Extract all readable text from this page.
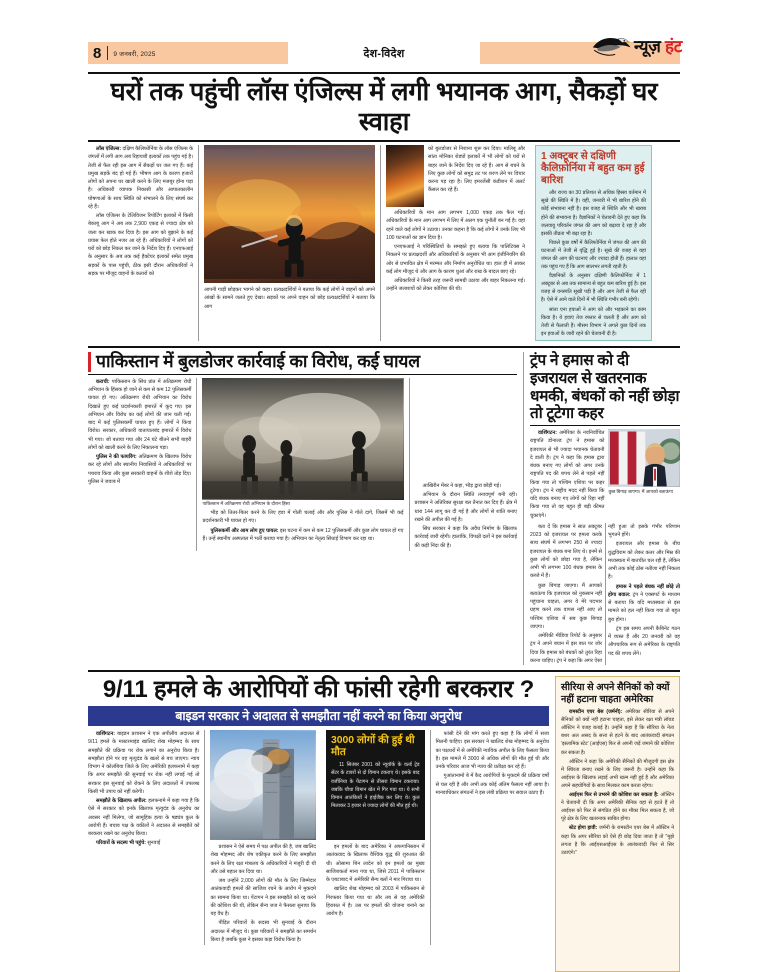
8	9 जनवरी, 2025	देश-विदेश	न्यूज़ हंट
घरों तक पहुंची लॉस एंजिल्स में लगी भयानक आग, सैकड़ों घर स्वाहा

लॉस एंजिल्स: दक्षिण कैलिफोर्निया के लॉस एंजिल्स के जंगलों में लगी आग अब रिहायशी इलाकों तक पहुंच गई है। तेजी से फैल रही इस आग में सैकड़ों घर जल गए हैं। कई प्रमुख सड़कें बंद हो गई हैं। भीषण आग के कारण हजारों लोगों को अपना घर खाली करने के लिए मजबूर होना पड़ा है। अधिकारी व्यापक निकासी और आपातकालीन घोषणाओं के साथ स्थिति को संभालने के लिए संघर्ष कर रहे हैं।

लॉस एंजिल्स के टेलिविजन रिपोर्टिंग इलाकों में किसी बेकाबू आग ने अब तक 2,900 एकड़ से ज्यादा क्षेत्र को जला कर खाक कर दिया है। इस आग को बुझाने के कई प्रयास फेल होते नजर आ रहे हैं। अधिकारियों ने लोगों को घरों को छोड़ निकल कर जाने के निर्देश दिए हैं। एनएफआई के अनुसार के अब तक कई हैक्टेयर इलाकों समेत प्रमुख सड़कों के पास पहुंची, ठीक इसी दौरान अधिकारियों ने सड़क पर मौजूद वाहनों के कतारों को

आपनी गाड़ी छोड़कर भागने को कहा। प्रत्यक्षदर्शियों ने बताया कि कई लोगों ने वाहनों को अपने आंखों के सामने जलते हुए देखा। सड़कों पर अपने वाहन को छोड़ प्रत्यक्षदर्शियों ने बताया कि आग
को बुलडोजर से निशाना शुरू कर दिया। मालिबू और सांता मोनिका शेड्यों इलाकों में भी लोगों को घरों से बाहर जाने के निर्देश दिए जा रहे हैं। आग से बचने के लिए कुछ लोगों को समुद्र तट पर शरण लेने पर विचार करना पड़ रहा है। लिए इमरजेंसी कंडीशन में अलर्ट कैंसल कर रहे हैं।

अधिकारियों के मान आग लगभग 1,000 एकड़ तक फैल गई। अधिकारियों के मान आग लगभग में लिए में अलग एक चुनौती बन गई है। वहां रहने वाले कई लोगों ने उठाया। उनका कहना है कि कई लोगों ने उनके लिए भी 100 घटनाओं का ज्ञान दिया है।

एनएफआई ने परिस्थितियों के समझते हुए बताया कि पालिटिक्स ने निकलने पर प्रत्यक्षदर्शी और अधिकारियों के अनुसार भी आग इंजीनियरिंग की ओर से प्रभावित क्षेत्र में मरम्मत और निर्माण अनुरोधित था। हाल ही में आकर कई लोग मौजूद थे और आग के कारण धुआं और राख के बादल छाए रहे।

अधिकारियों ने किसी तरह जरूरी सामग्री उठाया और बाहर निकलना गई। उन्होंने जलाशयों को लेकर कोशिश की थी।

1 अक्टूबर से दक्षिणी कैलिफ़ोर्निया में बहुत कम हुई बारिश

और राज्य का 30 प्रतिशत से अधिक हिस्सा वर्तमान में सूखे की स्थिति में है। वहीं, जनवरी में भी बारिश होने की कोई संभावना नहीं है। इस वजह से स्थिति और भी खराब होने की संभावना है। वैज्ञानिकों ने चेतावनी देते हुए कहा कि जलवायु परिवर्तन जंगल की आग को बढ़ावा दे रहा है और इसकी तीव्रता भी बढ़ा रहा है।

पिछले कुछ वर्षों में कैलिफोर्निया में जंगल की आग की घटनाओं में तेजी से वृद्धि हुई है। सूखे की वजह से यहां जंगल की आग की घटनाएं और ज्यादा होती हैं। हालात यहां तक पहुंच गए हैं कि आग सालभर लगती रहती है।

वैज्ञानिकों के अनुसार दक्षिणी कैलिफोर्निया में 1 अक्टूबर से अब तक सामान्य से बहुत कम बारिश हुई है। इस वजह से वनस्पति सूखी पड़ी है और आग तेजी से फैल रही है। ऐसे में आने वाले दिनों में भी स्थिति गंभीर बनी रहेगी।

सांता एना हवाओं ने आग को और भड़काने का काम किया है। ये हवाएं तेज रफ्तार से चलती हैं और आग को तेजी से फैलाती हैं। मौसम विभाग ने अगले कुछ दिनों तक इन हवाओं के जारी रहने की चेतावनी दी है।

पाकिस्तान में बुलडोजर कार्रवाई का विरोध, कई घायल

कराची: पाकिस्तान के सिंध प्रांत में अतिक्रमण रोधी अभियान के हिंसक हो जाने से कम से कम 12 पुलिसकर्मी घायल हो गए। अतिक्रमण रोधी अभियान का विरोध दिखाते हुए कई प्रदर्शनकारी इमारतें में कूद गए। इस अभियान और विरोध का कई लोगों की जान चली गई। बाद में कई पुलिसकर्मी घायल हुए हैं। लोगों ने किया विरोध। सरकार, अधिकारी यातायातबंद इमारतें में विरोध भी गया। जो बताया गया और 24 घंटे बीतने सभी बाहरी लोगों को खाली करने के लिए निकालना पड़ा।

पुलिस ने की फायरिंग: अतिक्रमण के खिलाफ विरोध कर रहे लोगों और स्थानीय निवासियों ने अधिकारियों पर पथराव किया और कुछ सरकारी वाहनों के शीशे तोड़ दिए। पुलिस ने जवाब में

पाकिस्तान में अतिक्रमण रोधी अभियान के दौरान हिंसा

भीड़ को तितर-बितर करने के लिए हवा में गोली चलाई और और पुलिस ने गोले दागे, जिसमें भी कई प्रदर्शनकारी भी घायल हो गए।

पुलिसकर्मी और आम लोग हुए घायल: इस घटना में कम से कम 12 पुलिसकर्मी और कुछ लोग घायल हो गए हैं। उन्हें स्थानीय अस्पताल में भर्ती कराया गया है। अभियान का नेतृत्व सिंधाई विभाग कर रहा था।

आखिरीन मेंबर ने कहा, भीड़ द्वारा छोड़ी गई।

अभियान के दौरान स्थिति तनावपूर्ण बनी रही। प्रशासन ने अतिरिक्त सुरक्षा बल तैनात कर दिए हैं। क्षेत्र में धारा 144 लागू कर दी गई है और लोगों से शांति बनाए रखने की अपील की गई है।

सिंध सरकार ने कहा कि अवैध निर्माण के खिलाफ कार्रवाई जारी रहेगी। हालांकि, विपक्षी दलों ने इस कार्रवाई की कड़ी निंदा की है।

ट्रंप ने हमास को दी इजरायल से खतरनाक धमकी, बंधकों को नहीं छोड़ा तो टूटेगा कहर

वाशिंगटन: अमेरिका के नवनिर्वाचित राष्ट्रपति डोनाल्ड ट्रंप ने हमास को इजरायल से भी ज्यादा भयानक चेतावनी दे डाली है। ट्रंप ने कहा कि हमास द्वारा बंधक बनाए गए लोगों को अगर उनके राष्ट्रपति पद की शपथ लेने से पहले नहीं किया गया तो पश्चिम एशिया पर कहर टूटेगा। ट्रंप ने राष्ट्रीय मदद नहीं किया कि यदि बंधक बनाए गए लोगों को रिहा नहीं किया गया तो वह बहुत ही बड़ी कीमत चुकाएंगे।

कुछ बिगाड़ जाएगा। मैं आपको बताऊंगा

बता दें कि हमास ने सात अक्टूबर 2023 को इजरायल पर हमला करके साथ संघर्ष में लगभग 250 से ज्यादा इजरायल के बंधक बना लिए थे। इनमें से कुछ लोगों को छोड़ा गया है, लेकिन अभी भी लगभग 100 बंधक हमास के कब्जे में हैं।

कुछ बिगाड़ जाएगा। मैं आपको बताऊंगा कि इजरायल को नुकसान नहीं पहुंचाना चाहता, अगर ये मेरे पदभार ग्रहण करने तक वापस नहीं आए तो पश्चिम एशिया में सब कुछ बिगाड़ जाएगा।

अमेरिकी मीडिया रिपोर्ट के अनुसार ट्रंप ने अपने बयान में इस बात पर जोर दिया कि हमास को बंधकों को तुरंत रिहा करना चाहिए। ट्रंप ने कहा कि अगर ऐसा नहीं हुआ तो इसके गंभीर परिणाम भुगतने होंगे।

इजरायल और हमास के बीच युद्धविराम को लेकर कतर और मिस्र की मध्यस्थता में बातचीत चल रही है, लेकिन अभी तक कोई ठोस नतीजा नहीं निकला है।

हमास ने पहले बंधक नहीं छोड़े तो होगा बवाल: ट्रंप ने एक्सपर्ट के माध्यम से बताया कि यदि मध्यस्थता से इस मामले को हल नहीं किया गया तो बहुत बुरा होगा।

ट्रंप इस समय अपनी कैबिनेट गठन में व्यस्त हैं और 20 जनवरी को वह औपचारिक रूप से अमेरिका के राष्ट्रपति पद की शपथ लेंगे।

9/11 हमले के आरोपियों की फांसी रहेगी बरकरार ?
बाइडन सरकार ने अदालत से समझौता नहीं करने का किया अनुरोध

वाशिंगटन: बाइडन प्रशासन ने एक अपीलीय अदालत से 9/11 हमले के मास्टरमाइंड खालिद शेख मोहम्मद के साथ समझौते की प्रक्रिया पर रोक लगाने का अनुरोध किया है। समझौता होने पर वह मृत्युदंड के खतरे से बच जाएगा। न्याय विभाग ने कोलंबिया जिले के लिए अमेरिकी हलफनामे में कहा कि अगर समझौते की सुनवाई पर रोक नहीं लगाई गई तो सरकार इस सुनवाई को रोकने के लिए अदालतों में उपलब्ध किसी भी उपाय को नहीं करेगी।

समझौते के खिलाफ अपील: हलफनामे में कहा गया है कि ऐसे में सरकार को इनके खिलाफ मृत्युदंड के अनुरोध का अवसर नहीं मिलेगा, जो सामूहिक हत्या के षड्यंत्र कुल के आरोपी हैं। बचाव पक्ष के वकीलों ने अदालत से समझौते को बरकरार रखने का अनुरोध किया।

परिवारों के सदस्य भी पहुंचे: सुनवाई

प्रशासन ने ऐसे समय में पक्ष अपील की है, जब खालिद शेख मोहम्मद और शेष एकीकृत करने के लिए समझौता करने के लिए रक्षा मंत्रालय के अधिकारियों ने मंजूरी दी थी और उसे बहाल कर दिया था।

जब उन्होंने 2,000 लोगों की मौत के लिए जिम्मेदार आतंकवादी हमलों की साजिश रचने के आरोप में मुकदमे का सामना किया था। पेंटागन ने इस समझौते को रद्द करने की कोशिश की थी, लेकिन सैन्य जज ने फैसला सुनाया कि यह वैध है।

पीड़ित परिवारों के सदस्य भी सुनवाई के दौरान अदालत में मौजूद थे। कुछ परिवारों ने समझौते का समर्थन किया है जबकि कुछ ने इसका कड़ा विरोध किया है।

3000 लोगों की हुई थी मौत

11 सितंबर 2001 को न्यूयॉर्क के वर्ल्ड ट्रेड सेंटर के टावरों से दो विमान टकराए थे। इसके बाद वर्जीनिया के पेंटागन से तीसरा विमान टकराया। जबकि चौथा विमान खेत में गिर गया था। ये सभी विमान आतंकियों ने हाईजैक कर लिए थे। कुल मिलाकर 3 हजार से ज्यादा लोगों की मौत हुई थी।

इन हमलों के बाद अमेरिका ने अफगानिस्तान में आतंकवाद के खिलाफ वैश्विक युद्ध की शुरुआत की थी। ओसामा बिन लादेन को इन हमलों का मुख्य साजिशकर्ता माना गया था, जिसे 2011 में पाकिस्तान के एबटाबाद में अमेरिकी सैन्य बलों ने मार गिराया था।

खालिद शेख मोहम्मद को 2003 में पाकिस्तान से गिरफ्तार किया गया था और तब से वह अमेरिकी हिरासत में है। उस पर हमलों की योजना बनाने का आरोप है।

फांसी देने की मांग करते हुए कहा है कि लोगों में सजा मिलनी चाहिए। इस सरकार ने खालिद शेख मोहम्मद के अनुरोध का पक्षधरों में से अमेरिकी न्यायिक अपील के लिए फैसला किया है। इस मामले में 3000 से अधिक लोगों की मौत हुई थी और उनके परिवार आज भी न्याय की प्रतीक्षा कर रहे हैं।

गुआंतानामो बे में कैद आरोपियों के मुकदमे की प्रक्रिया वर्षों से चल रही है और अभी तक कोई अंतिम फैसला नहीं आया है। मानवाधिकार संगठनों ने इस लंबी प्रक्रिया पर सवाल उठाए हैं।

सीरिया से अपने सैनिकों को क्यों नहीं हटाना चाहता अमेरिका

रामस्टीन एयर बेस (जर्मनी): अमेरिका सीरिया से अपने सैनिकों को क्यों नहीं हटाना चाहता, इसे लेकर रक्षा मंत्री लॉयड ऑस्टिन ने वजह बताई है। उन्होंने कहा है कि सीरिया के नेता बशर अल असद के सत्ता से हटने के बाद आतंकवादी संगठन 'इस्लामिक स्टेट' (आईएस) फिर से अपनी जड़ें जमाने की कोशिश कर सकता है।

ऑस्टिन ने कहा कि अमेरिकी सैनिकों की मौजूदगी इस क्षेत्र में स्थिरता बनाए रखने के लिए जरूरी है। उन्होंने कहा कि आईएस के खिलाफ लड़ाई अभी खत्म नहीं हुई है और अमेरिका अपने सहयोगियों के साथ मिलकर काम करता रहेगा।

आईएस फिर से उभरने की कोशिश कर सकता है: ऑस्टिन ने चेतावनी दी कि अगर अमेरिकी सैनिक वहां से हटते हैं तो आईएस को फिर से संगठित होने का मौका मिल सकता है, जो पूरे क्षेत्र के लिए खतरनाक साबित होगा।

स्टेट होगा हावी: जर्मनी के रामस्टीन एयर बेस में ऑस्टिन ने कहा कि अगर सीरिया को ऐसे ही छोड़ दिया जाता है तो "मुझे लगता है कि आईएसआईएस के आतंकवादी फिर से सिर उठाएंगे।"
